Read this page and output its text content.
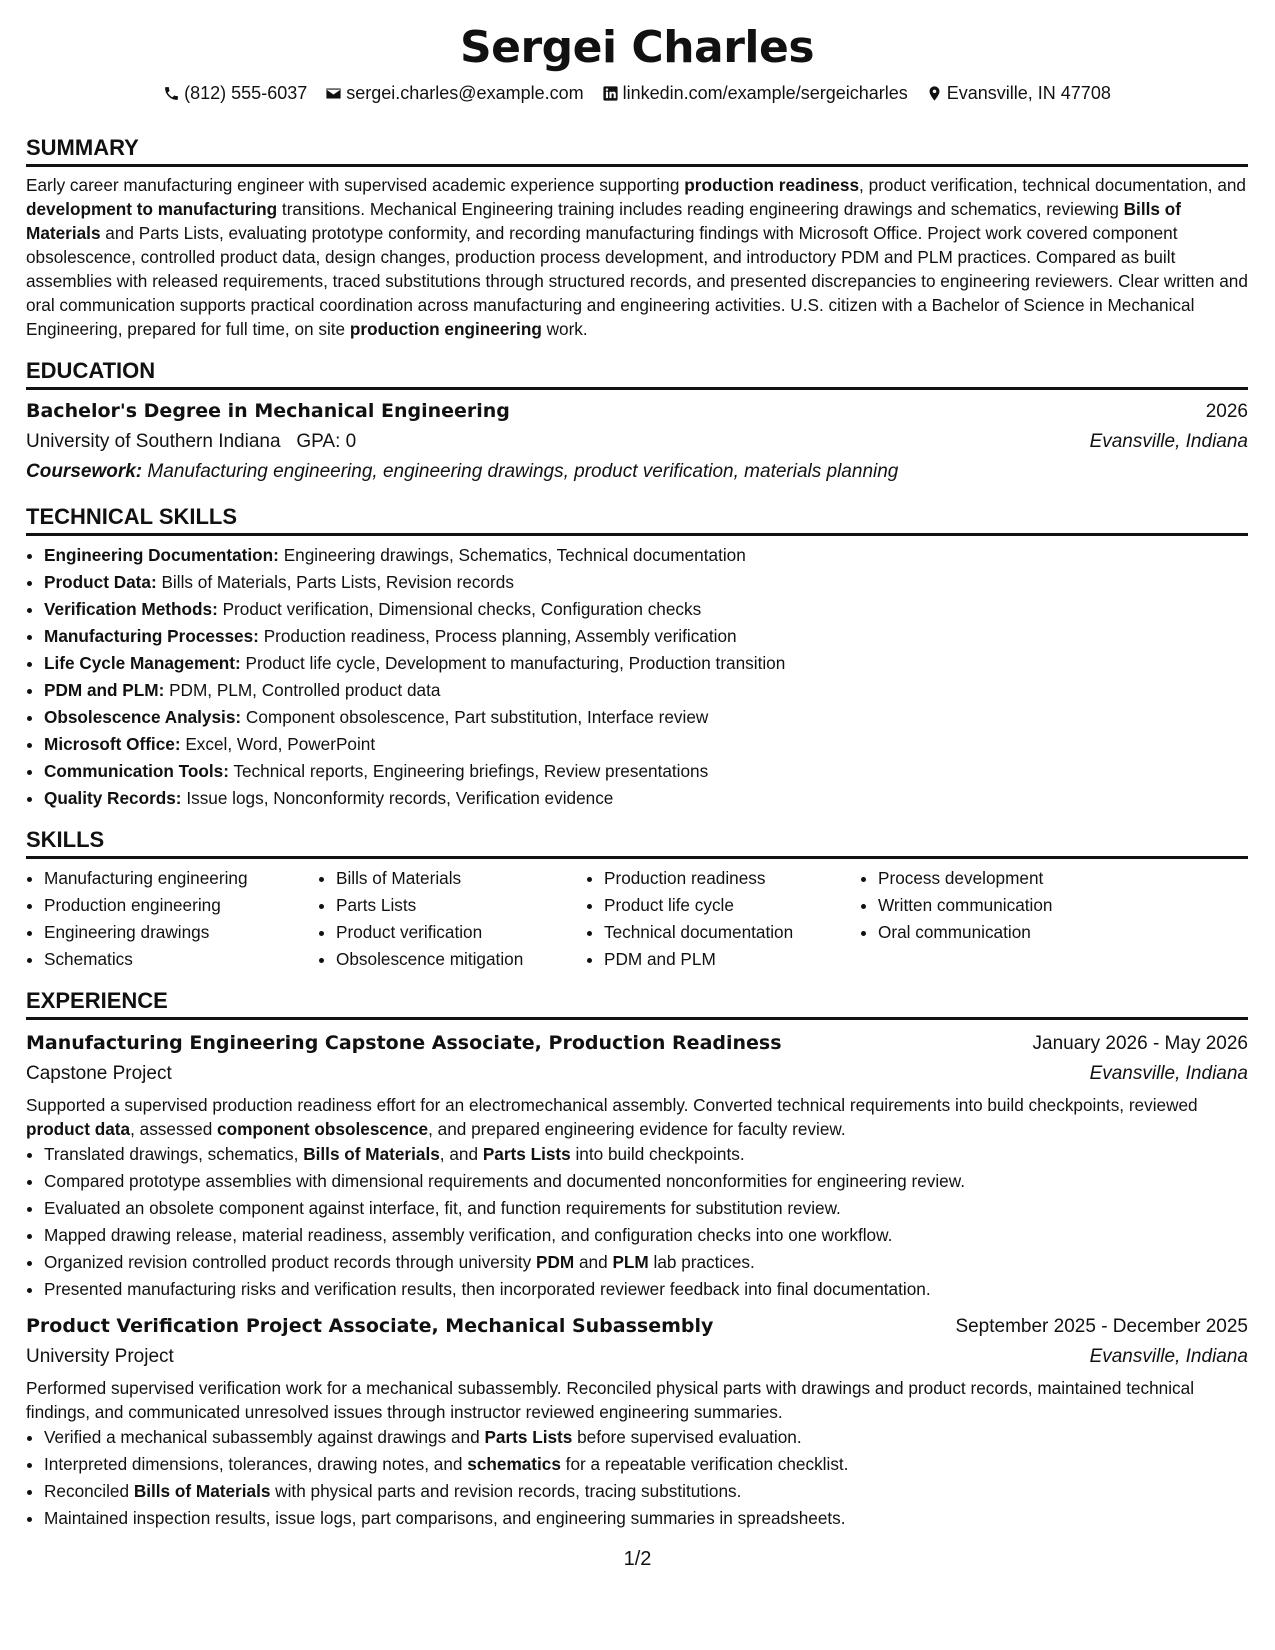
Sergei Charles
(812) 555-6037 sergei.charles@example.com linkedin.com/example/sergeicharles Evansville, IN 47708
SUMMARY

Early career manufacturing engineer with supervised academic experience supporting production readiness, product verification, technical documentation, and development to manufacturing transitions. Mechanical Engineering training includes reading engineering drawings and schematics, reviewing Bills of Materials and Parts Lists, evaluating prototype conformity, and recording manufacturing findings with Microsoft Office. Project work covered component obsolescence, controlled product data, design changes, production process development, and introductory PDM and PLM practices. Compared as built assemblies with released requirements, traced substitutions through structured records, and presented discrepancies to engineering reviewers. Clear written and oral communication supports practical coordination across manufacturing and engineering activities. U.S. citizen with a Bachelor of Science in Mechanical Engineering, prepared for full time, on site production engineering work.

EDUCATION
Bachelor's Degree in Mechanical Engineering	2026
University of Southern Indiana GPA: 0	Evansville, Indiana
Coursework: Manufacturing engineering, engineering drawings, product verification, materials planning
TECHNICAL SKILLS
• Engineering Documentation: Engineering drawings, Schematics, Technical documentation
• Product Data: Bills of Materials, Parts Lists, Revision records
• Verification Methods: Product verification, Dimensional checks, Configuration checks
• Manufacturing Processes: Production readiness, Process planning, Assembly verification
• Life Cycle Management: Product life cycle, Development to manufacturing, Production transition
• PDM and PLM: PDM, PLM, Controlled product data
• Obsolescence Analysis: Component obsolescence, Part substitution, Interface review
• Microsoft Office: Excel, Word, PowerPoint
• Communication Tools: Technical reports, Engineering briefings, Review presentations
• Quality Records: Issue logs, Nonconformity records, Verification evidence
SKILLS
• Manufacturing engineering
• Production engineering
• Engineering drawings
• Schematics
• Bills of Materials
• Parts Lists
• Product verification
• Obsolescence mitigation
• Production readiness
• Product life cycle
• Technical documentation
• PDM and PLM
• Process development
• Written communication
• Oral communication
EXPERIENCE
Manufacturing Engineering Capstone Associate, Production Readiness	January 2026 - May 2026
Capstone Project	Evansville, Indiana

Supported a supervised production readiness effort for an electromechanical assembly. Converted technical requirements into build checkpoints, reviewed product data, assessed component obsolescence, and prepared engineering evidence for faculty review.

• Translated drawings, schematics, Bills of Materials, and Parts Lists into build checkpoints.
• Compared prototype assemblies with dimensional requirements and documented nonconformities for engineering review.
• Evaluated an obsolete component against interface, fit, and function requirements for substitution review.
• Mapped drawing release, material readiness, assembly verification, and configuration checks into one workflow.
• Organized revision controlled product records through university PDM and PLM lab practices.
• Presented manufacturing risks and verification results, then incorporated reviewer feedback into final documentation.
Product Verification Project Associate, Mechanical Subassembly	September 2025 - December 2025
University Project	Evansville, Indiana

Performed supervised verification work for a mechanical subassembly. Reconciled physical parts with drawings and product records, maintained technical findings, and communicated unresolved issues through instructor reviewed engineering summaries.

• Verified a mechanical subassembly against drawings and Parts Lists before supervised evaluation.
• Interpreted dimensions, tolerances, drawing notes, and schematics for a repeatable verification checklist.
• Reconciled Bills of Materials with physical parts and revision records, tracing substitutions.
• Maintained inspection results, issue logs, part comparisons, and engineering summaries in spreadsheets.
1/2
